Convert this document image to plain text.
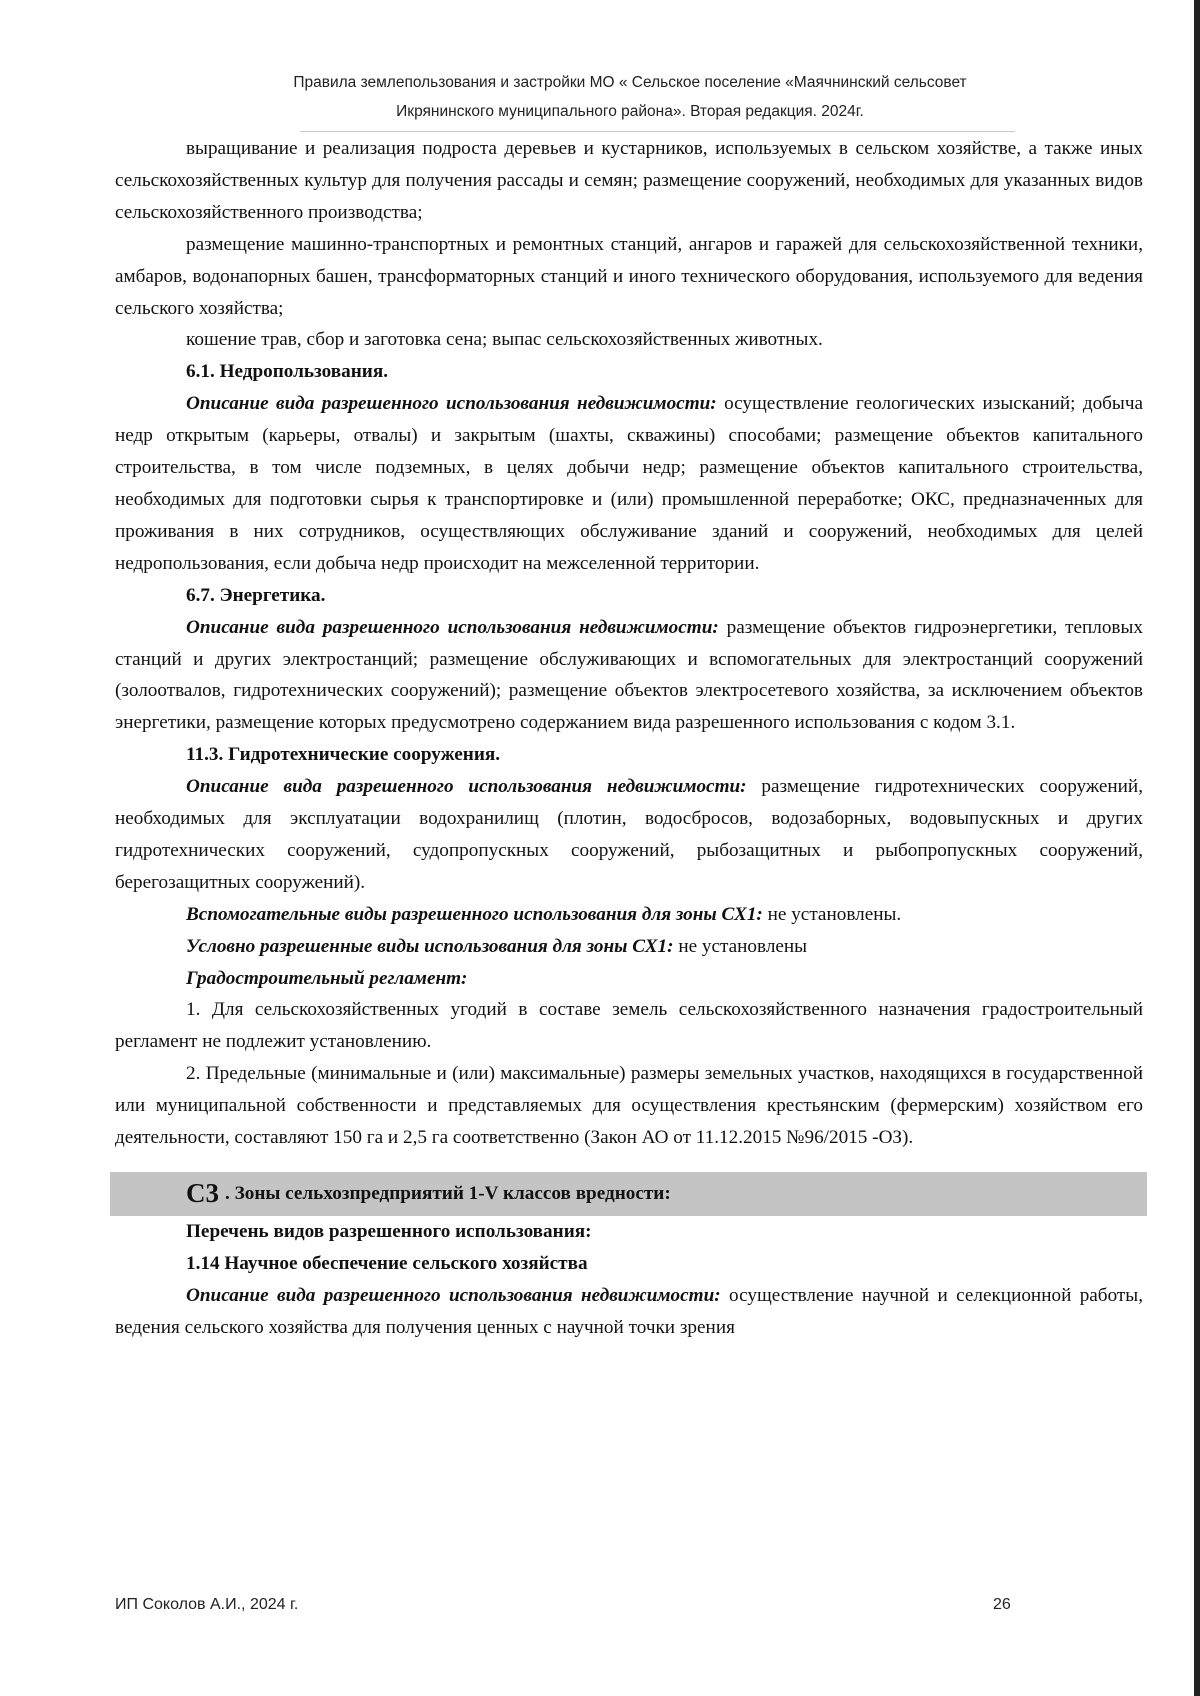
Правила землепользования и застройки МО « Сельское поселение «Маячнинский сельсовет
Икрянинского муниципального района». Вторая редакция. 2024г.

выращивание и реализация подроста деревьев и кустарников, используемых в сельском хозяйстве, а также иных сельскохозяйственных культур для получения рассады и семян; размещение сооружений, необходимых для указанных видов сельскохозяйственного производства;

размещение машинно-транспортных и ремонтных станций, ангаров и гаражей для сельскохозяйственной техники, амбаров, водонапорных башен, трансформаторных станций и иного технического оборудования, используемого для ведения сельского хозяйства;

кошение трав, сбор и заготовка сена; выпас сельскохозяйственных животных.

6.1. Недропользования.

Описание вида разрешенного использования недвижимости: осуществление геологических изысканий; добыча недр открытым (карьеры, отвалы) и закрытым (шахты, скважины) способами; размещение объектов капитального строительства, в том числе подземных, в целях добычи недр; размещение объектов капитального строительства, необходимых для подготовки сырья к транспортировке и (или) промышленной переработке; ОКС, предназначенных для проживания в них сотрудников, осуществляющих обслуживание зданий и сооружений, необходимых для целей недропользования, если добыча недр происходит на межселенной территории.

6.7. Энергетика.

Описание вида разрешенного использования недвижимости: размещение объектов гидроэнергетики, тепловых станций и других электростанций; размещение обслуживающих и вспомогательных для электростанций сооружений (золоотвалов, гидротехнических сооружений); размещение объектов электросетевого хозяйства, за исключением объектов энергетики, размещение которых предусмотрено содержанием вида разрешенного использования с кодом 3.1.

11.3. Гидротехнические сооружения.

Описание вида разрешенного использования недвижимости: размещение гидротехнических сооружений, необходимых для эксплуатации водохранилищ (плотин, водосбросов, водозаборных, водовыпускных и других гидротехнических сооружений, судопропускных сооружений, рыбозащитных и рыбопропускных сооружений, берегозащитных сооружений).

Вспомогательные виды разрешенного использования для зоны СХ1: не установлены.

Условно разрешенные виды использования для зоны СХ1: не установлены

Градостроительный регламент:

1. Для сельскохозяйственных угодий в составе земель сельскохозяйственного назначения градостроительный регламент не подлежит установлению.

2. Предельные (минимальные и (или) максимальные) размеры земельных участков, находящихся в государственной или муниципальной собственности и представляемых для осуществления крестьянским (фермерским) хозяйством его деятельности, составляют 150 га и 2,5 га соответственно (Закон АО от 11.12.2015 №96/2015 -ОЗ).

С3 . Зоны сельхозпредприятий 1-V классов вредности:

Перечень видов разрешенного использования:

1.14 Научное обеспечение сельского хозяйства

Описание вида разрешенного использования недвижимости: осуществление научной и селекционной работы, ведения сельского хозяйства для получения ценных с научной точки зрения

ИП Соколов А.И., 2024 г.	26
